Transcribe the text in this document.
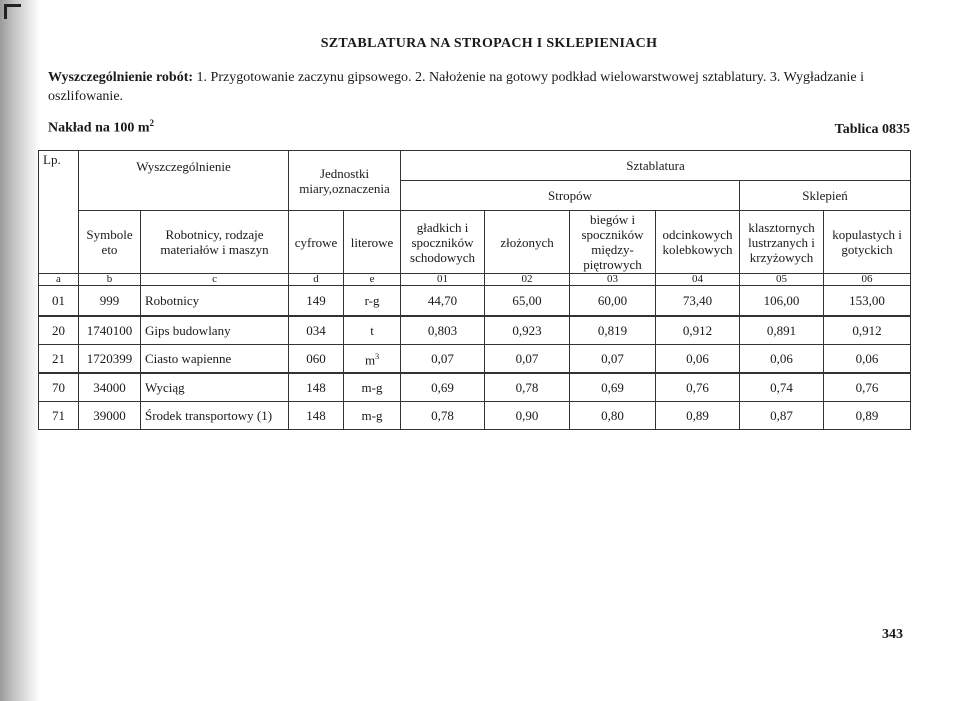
SZTABLATURA NA STROPACH I SKLEPIENIACH
Wyszczególnienie robót: 1. Przygotowanie zaczynu gipsowego. 2. Nałożenie na gotowy podkład wielowarstwowej sztablatury. 3. Wygładzanie i oszlifowanie.
Nakład na 100 $m^2$	Tablica 0835
Lp.	Wyszczególnienie		Jednostki miary,oznaczenia		Sztablatura					
					Stropów				Sklepień	
	Symbole eto	Robotnicy, rodzaje materiałów i maszyn	cyfrowe	literowe	gładkich i spoczników schodowych	złożonych	biegów i spoczników między-piętrowych	odcinkowych kolebkowych	klasztornych lustrzanych i krzyżowych	kopulastych i gotyckich
a	b	c	d	e	01	02	03	04	05	06
01	999	Robotnicy	149	r-g	44,70	65,00	60,00	73,40	106,00	153,00
20	1740100	Gips budowlany	034	t	0,803	0,923	0,819	0,912	0,891	0,912
21	1720399	Ciasto wapienne	060	$m^3$	0,07	0,07	0,07	0,06	0,06	0,06
70	34000	Wyciąg	148	m-g	0,69	0,78	0,69	0,76	0,74	0,76
71	39000	Środek transportowy (1)	148	m-g	0,78	0,90	0,80	0,89	0,87	0,89
343
